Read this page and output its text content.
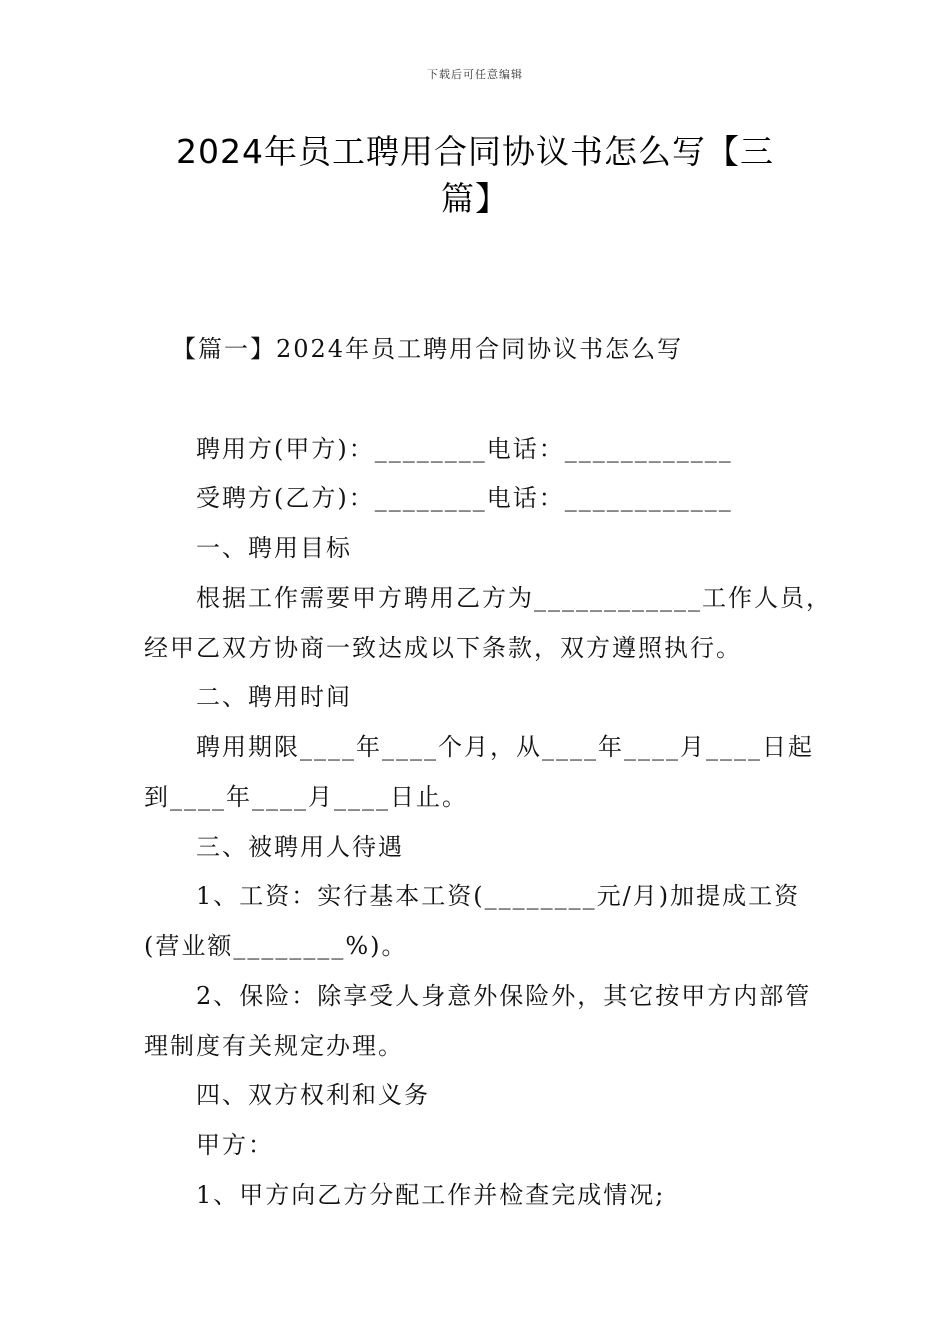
下载后可任意编辑
2024年员工聘用合同协议书怎么写【三
篇】
【篇一】2024年员工聘用合同协议书怎么写
聘用方(甲方)：________电话：____________
受聘方(乙方)：________电话：____________
一、聘用目标
根据工作需要甲方聘用乙方为____________工作人员，
经甲乙双方协商一致达成以下条款，双方遵照执行。
二、聘用时间
聘用期限____年____个月，从____年____月____日起
到____年____月____日止。
三、被聘用人待遇
1、工资：实行基本工资(________元/月)加提成工资
(营业额________%)。
2、保险：除享受人身意外保险外，其它按甲方内部管
理制度有关规定办理。
四、双方权利和义务
甲方：
1、甲方向乙方分配工作并检查完成情况;
